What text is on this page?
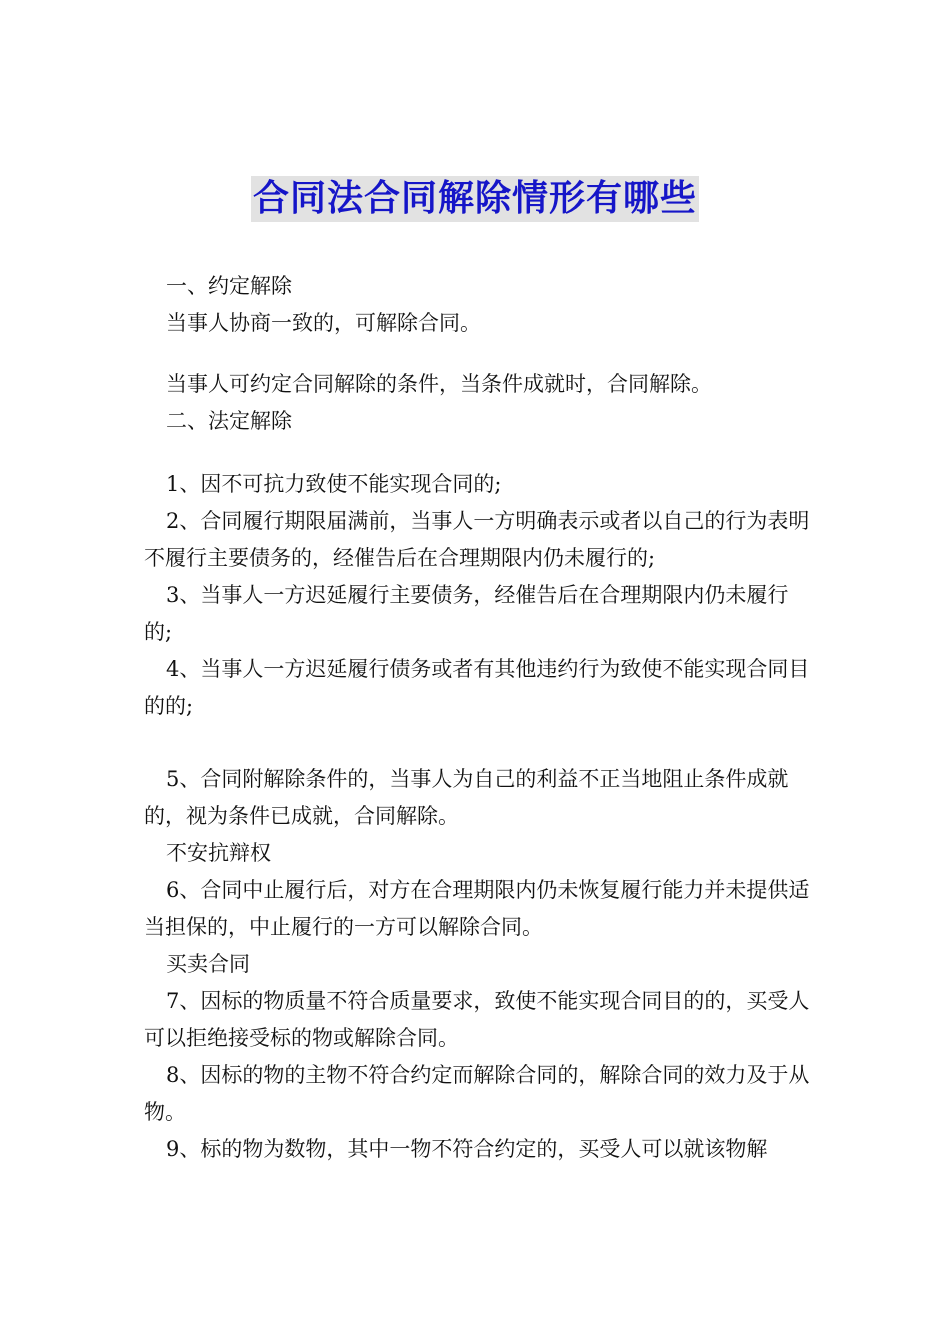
合同法合同解除情形有哪些

一、约定解除

当事人协商一致的，可解除合同。

当事人可约定合同解除的条件，当条件成就时，合同解除。

二、法定解除

1、因不可抗力致使不能实现合同的;

2、合同履行期限届满前，当事人一方明确表示或者以自己的行为表明不履行主要债务的，经催告后在合理期限内仍未履行的;

3、当事人一方迟延履行主要债务，经催告后在合理期限内仍未履行的;

4、当事人一方迟延履行债务或者有其他违约行为致使不能实现合同目的的;

5、合同附解除条件的，当事人为自己的利益不正当地阻止条件成就的，视为条件已成就，合同解除。

不安抗辩权

6、合同中止履行后，对方在合理期限内仍未恢复履行能力并未提供适当担保的，中止履行的一方可以解除合同。

买卖合同

7、因标的物质量不符合质量要求，致使不能实现合同目的的，买受人可以拒绝接受标的物或解除合同。

8、因标的物的主物不符合约定而解除合同的，解除合同的效力及于从物。

9、标的物为数物，其中一物不符合约定的，买受人可以就该物解
